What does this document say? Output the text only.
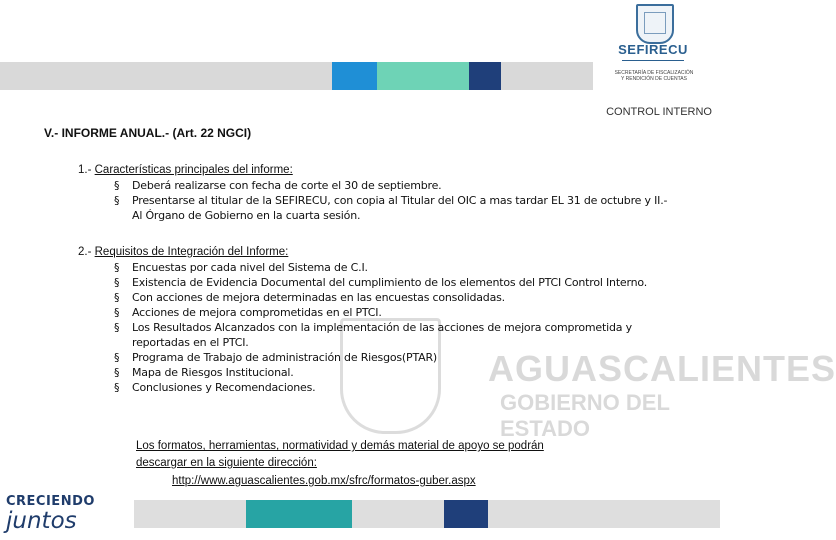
SEFIRECU
SECRETARÍA DE FISCALIZACIÓN Y RENDICIÓN DE CUENTAS
CONTROL INTERNO
AGUASCALIENTES
GOBIERNO DEL ESTADO
V.- INFORME ANUAL.- (Art. 22 NGCI)
1.- Características principales del informe:
§ Deberá realizarse con fecha de corte el 30 de septiembre.
§ Presentarse al titular de la SEFIRECU, con copia al Titular del OIC a mas tardar EL 31 de octubre y II.-Al Órgano de Gobierno en la cuarta sesión.
2.- Requisitos de Integración del Informe:
§ Encuestas por cada nivel del Sistema de C.I.
§ Existencia de Evidencia Documental del cumplimiento de los elementos del PTCI Control Interno.
§ Con acciones de mejora determinadas en las encuestas consolidadas.
§ Acciones de mejora comprometidas en el PTCI.
§ Los Resultados Alcanzados con la implementación de las acciones de mejora comprometida y reportadas en el PTCI.
§ Programa de Trabajo de administración de Riesgos(PTAR)
§ Mapa de Riesgos Institucional.
§ Conclusiones y Recomendaciones.
Los formatos, herramientas, normatividad y demás material de apoyo se podrán
descargar en la siguiente dirección:
http://www.aguascalientes.gob.mx/sfrc/formatos-guber.aspx
CRECIENDO
juntos
